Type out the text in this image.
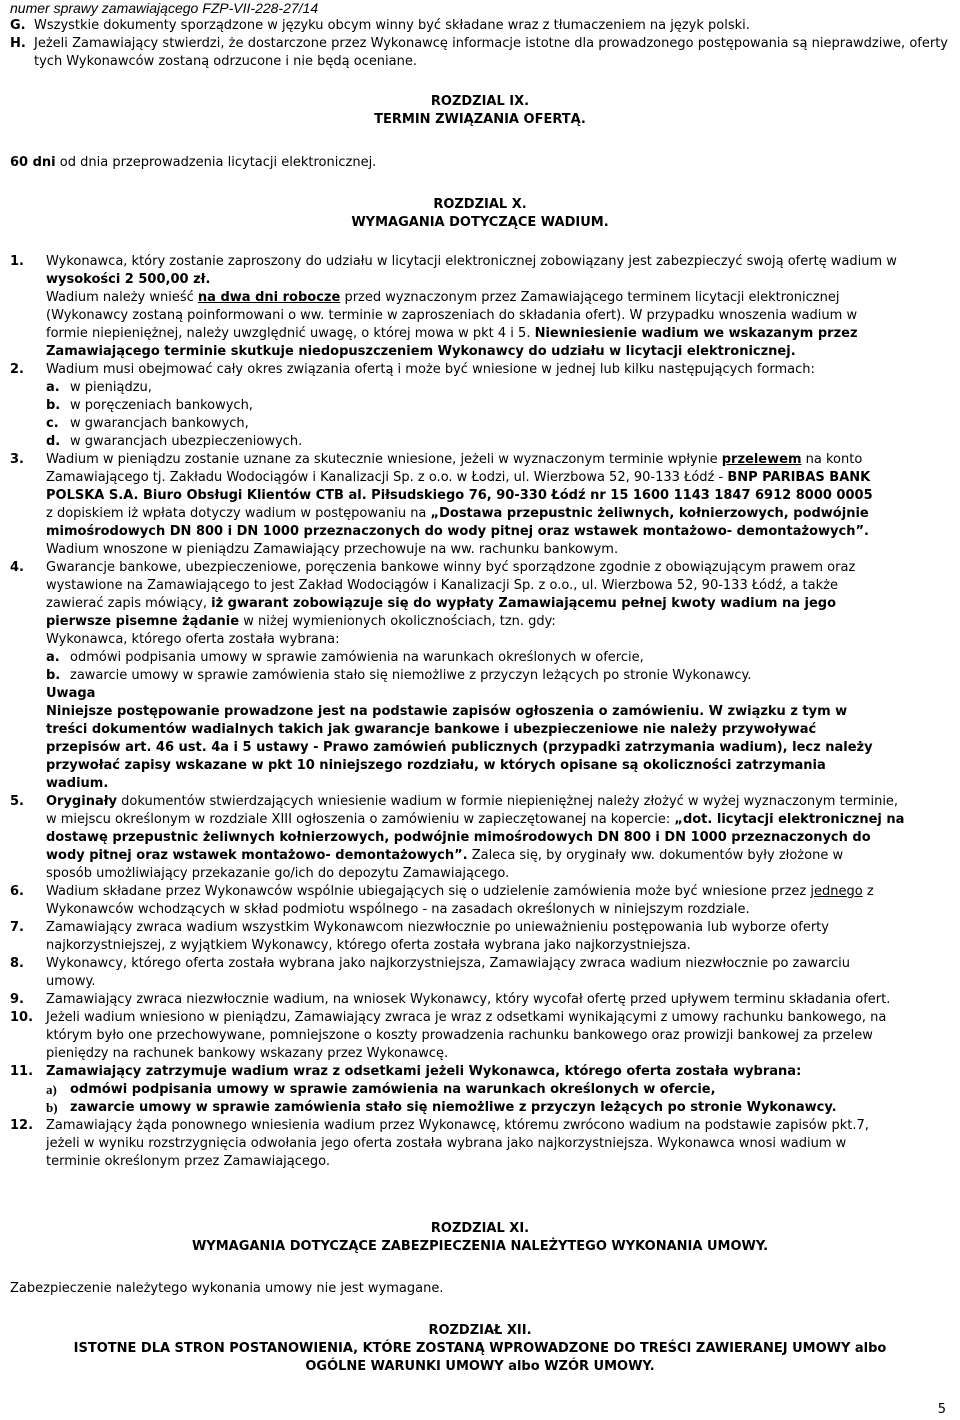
numer sprawy zamawiającego FZP-VII-228-27/14
G. Wszystkie dokumenty sporządzone w języku obcym winny być składane wraz z tłumaczeniem na język polski.
H. Jeżeli Zamawiający stwierdzi, że dostarczone przez Wykonawcę informacje istotne dla prowadzonego postępowania są nieprawdziwe, oferty tych Wykonawców zostaną odrzucone i nie będą oceniane.

ROZDZIAL IX.
TERMIN ZWIĄZANIA OFERTĄ.
60 dni od dnia przeprowadzenia licytacji elektronicznej.
ROZDZIAL X.
WYMAGANIA DOTYCZĄCE WADIUM.
1. Wykonawca, który zostanie zaproszony do udziału w licytacji elektronicznej zobowiązany jest zabezpieczyć swoją ofertę wadium w
wysokości 2 500,00 zł.
Wadium należy wnieść na dwa dni robocze przed wyznaczonym przez Zamawiającego terminem licytacji elektronicznej
(Wykonawcy zostaną poinformowani o ww. terminie w zaproszeniach do składania ofert). W przypadku wnoszenia wadium w
formie niepieniężnej, należy uwzględnić uwagę, o której mowa w pkt 4 i 5. Niewniesienie wadium we wskazanym przez
Zamawiającego terminie skutkuje niedopuszczeniem Wykonawcy do udziału w licytacji elektronicznej.
2. Wadium musi obejmować cały okres związania ofertą i może być wniesione w jednej lub kilku następujących formach:
a. w pieniądzu,
b. w poręczeniach bankowych,
c. w gwarancjach bankowych,
d. w gwarancjach ubezpieczeniowych.
3. Wadium w pieniądzu zostanie uznane za skutecznie wniesione, jeżeli w wyznaczonym terminie wpłynie przelewem na konto
Zamawiającego tj. Zakładu Wodociągów i Kanalizacji Sp. z o.o. w Łodzi, ul. Wierzbowa 52, 90-133 Łódź - BNP PARIBAS BANK
POLSKA S.A. Biuro Obsługi Klientów CTB al. Piłsudskiego 76, 90-330 Łódź nr 15 1600 1143 1847 6912 8000 0005
z dopiskiem iż wpłata dotyczy wadium w postępowaniu na „Dostawa przepustnic żeliwnych, kołnierzowych, podwójnie
mimośrodowych DN 800 i DN 1000 przeznaczonych do wody pitnej oraz wstawek montażowo- demontażowych”.
Wadium wnoszone w pieniądzu Zamawiający przechowuje na ww. rachunku bankowym.
4. Gwarancje bankowe, ubezpieczeniowe, poręczenia bankowe winny być sporządzone zgodnie z obowiązującym prawem oraz
wystawione na Zamawiającego to jest Zakład Wodociągów i Kanalizacji Sp. z o.o., ul. Wierzbowa 52, 90-133 Łódź, a także
zawierać zapis mówiący, iż gwarant zobowiązuje się do wypłaty Zamawiającemu pełnej kwoty wadium na jego
pierwsze pisemne żądanie w niżej wymienionych okolicznościach, tzn. gdy:
Wykonawca, którego oferta została wybrana:
a. odmówi podpisania umowy w sprawie zamówienia na warunkach określonych w ofercie,
b. zawarcie umowy w sprawie zamówienia stało się niemożliwe z przyczyn leżących po stronie Wykonawcy.
Uwaga
Niniejsze postępowanie prowadzone jest na podstawie zapisów ogłoszenia o zamówieniu. W związku z tym w
treści dokumentów wadialnych takich jak gwarancje bankowe i ubezpieczeniowe nie należy przywoływać
przepisów art. 46 ust. 4a i 5 ustawy - Prawo zamówień publicznych (przypadki zatrzymania wadium), lecz należy
przywołać zapisy wskazane w pkt 10 niniejszego rozdziału, w których opisane są okoliczności zatrzymania
wadium.
5. Oryginały dokumentów stwierdzających wniesienie wadium w formie niepieniężnej należy złożyć w wyżej wyznaczonym terminie,
w miejscu określonym w rozdziale XIII ogłoszenia o zamówieniu w zapieczętowanej na kopercie: „dot. licytacji elektronicznej na
dostawę przepustnic żeliwnych kołnierzowych, podwójnie mimośrodowych DN 800 i DN 1000 przeznaczonych do
wody pitnej oraz wstawek montażowo- demontażowych”. Zaleca się, by oryginały ww. dokumentów były złożone w
sposób umożliwiający przekazanie go/ich do depozytu Zamawiającego.
6. Wadium składane przez Wykonawców wspólnie ubiegających się o udzielenie zamówienia może być wniesione przez jednego z
Wykonawców wchodzących w skład podmiotu wspólnego - na zasadach określonych w niniejszym rozdziale.
7. Zamawiający zwraca wadium wszystkim Wykonawcom niezwłocznie po unieważnieniu postępowania lub wyborze oferty
najkorzystniejszej, z wyjątkiem Wykonawcy, którego oferta została wybrana jako najkorzystniejsza.
8. Wykonawcy, którego oferta została wybrana jako najkorzystniejsza, Zamawiający zwraca wadium niezwłocznie po zawarciu
umowy.
9. Zamawiający zwraca niezwłocznie wadium, na wniosek Wykonawcy, który wycofał ofertę przed upływem terminu składania ofert.
10. Jeżeli wadium wniesiono w pieniądzu, Zamawiający zwraca je wraz z odsetkami wynikającymi z umowy rachunku bankowego, na
którym było one przechowywane, pomniejszone o koszty prowadzenia rachunku bankowego oraz prowizji bankowej za przelew
pieniędzy na rachunek bankowy wskazany przez Wykonawcę.
11. Zamawiający zatrzymuje wadium wraz z odsetkami jeżeli Wykonawca, którego oferta została wybrana:
a) odmówi podpisania umowy w sprawie zamówienia na warunkach określonych w ofercie,
b) zawarcie umowy w sprawie zamówienia stało się niemożliwe z przyczyn leżących po stronie Wykonawcy.
12. Zamawiający żąda ponownego wniesienia wadium przez Wykonawcę, któremu zwrócono wadium na podstawie zapisów pkt.7,
jeżeli w wyniku rozstrzygnięcia odwołania jego oferta została wybrana jako najkorzystniejsza. Wykonawca wnosi wadium w
terminie określonym przez Zamawiającego.
ROZDZIAL XI.
WYMAGANIA DOTYCZĄCE ZABEZPIECZENIA NALEŻYTEGO WYKONANIA UMOWY.
Zabezpieczenie należytego wykonania umowy nie jest wymagane.
ROZDZIAŁ XII.
ISTOTNE DLA STRON POSTANOWIENIA, KTÓRE ZOSTANĄ WPROWADZONE DO TREŚCI ZAWIERANEJ UMOWY albo
OGÓLNE WARUNKI UMOWY albo WZÓR UMOWY.
5
